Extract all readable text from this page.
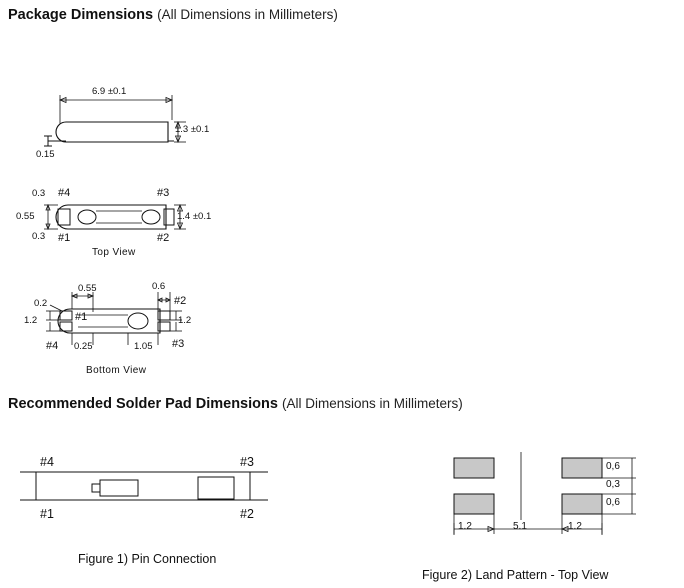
Package Dimensions (All Dimensions in Millimeters)
Recommended Solder Pad Dimensions (All Dimensions in Millimeters)
6.9 ±0.1
1.3 ±0.1
0.15
0.3 #4	#3
0.55
0.3 #1	#2
1.4 ±0.1
Top View
0.55	0.6
0.2
#1
#2
1.2	1.2
#4 0.25	1.05 #3
Bottom View
#4	#3
#1	#2
0,6
0,3
0,6
1.2	5.1	1.2
Figure 1) Pin Connection
Figure 2) Land Pattern - Top View
